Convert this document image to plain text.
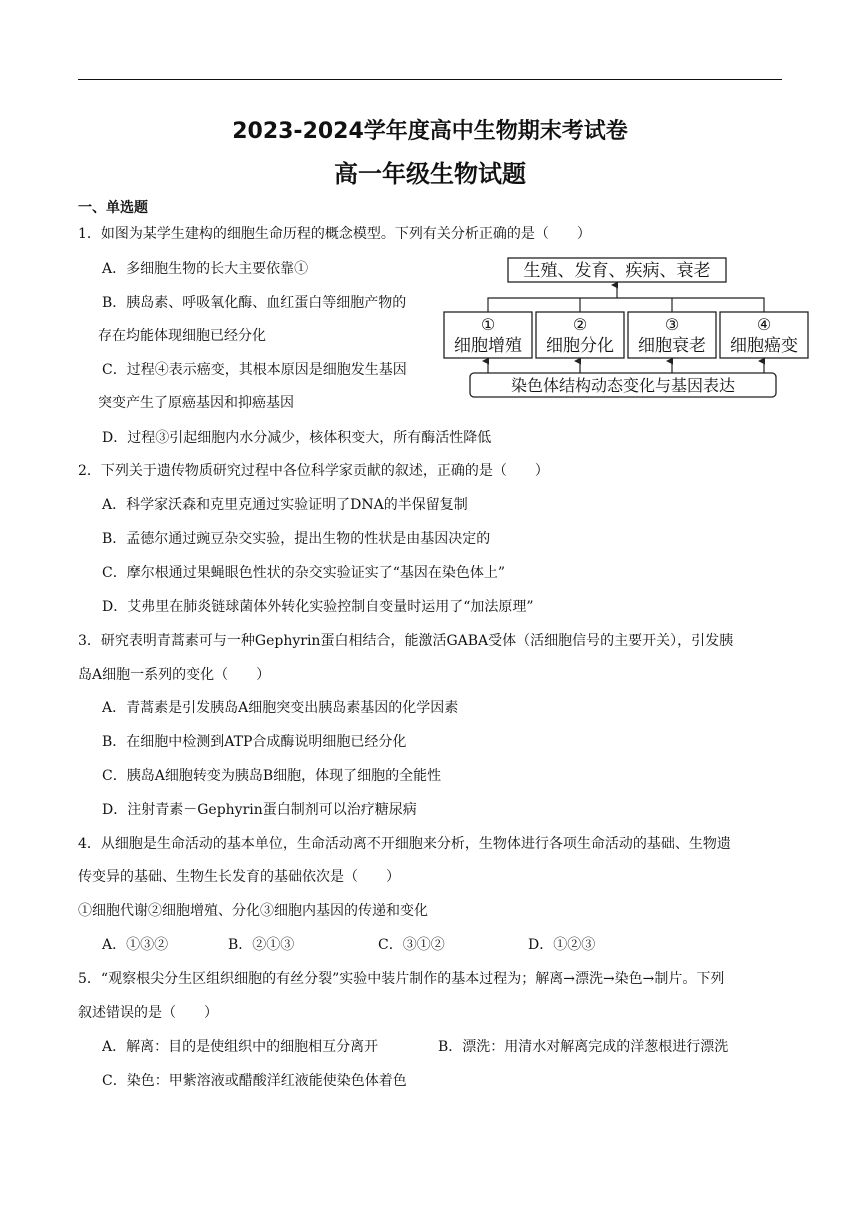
2023-2024学年度高中生物期末考试卷
高一年级生物试题
一、单选题
1．如图为某学生建构的细胞生命历程的概念模型。下列有关分析正确的是（　　）
A．多细胞生物的长大主要依靠①
B．胰岛素、呼吸氧化酶、血红蛋白等细胞产物的
存在均能体现细胞已经分化
C．过程④表示癌变，其根本原因是细胞发生基因
突变产生了原癌基因和抑癌基因
D．过程③引起细胞内水分减少，核体积变大，所有酶活性降低
生殖、发育、疾病、衰老
①
细胞增殖
②
细胞分化
③
细胞衰老
④
细胞癌变
染色体结构动态变化与基因表达
2．下列关于遗传物质研究过程中各位科学家贡献的叙述，正确的是（　　）
A．科学家沃森和克里克通过实验证明了DNA的半保留复制
B．孟德尔通过豌豆杂交实验，提出生物的性状是由基因决定的
C．摩尔根通过果蝇眼色性状的杂交实验证实了“基因在染色体上”
D．艾弗里在肺炎链球菌体外转化实验控制自变量时运用了“加法原理”
3．研究表明青蒿素可与一种Gephyrin蛋白相结合，能激活GABA受体（活细胞信号的主要开关），引发胰
岛A细胞一系列的变化（　　）
A．青蒿素是引发胰岛A细胞突变出胰岛素基因的化学因素
B．在细胞中检测到ATP合成酶说明细胞已经分化
C．胰岛A细胞转变为胰岛B细胞，体现了细胞的全能性
D．注射青素－Gephyrin蛋白制剂可以治疗糖尿病
4．从细胞是生命活动的基本单位，生命活动离不开细胞来分析，生物体进行各项生命活动的基础、生物遗
传变异的基础、生物生长发育的基础依次是（　　）
①细胞代谢②细胞增殖、分化③细胞内基因的传递和变化
A．①③②	B．②①③	C．③①②	D．①②③
5．“观察根尖分生区组织细胞的有丝分裂”实验中装片制作的基本过程为；解离→漂洗→染色→制片。下列
叙述错误的是（　　）
A．解离：目的是使组织中的细胞相互分离开	B．漂洗：用清水对解离完成的洋葱根进行漂洗
C．染色：甲紫溶液或醋酸洋红液能使染色体着色
